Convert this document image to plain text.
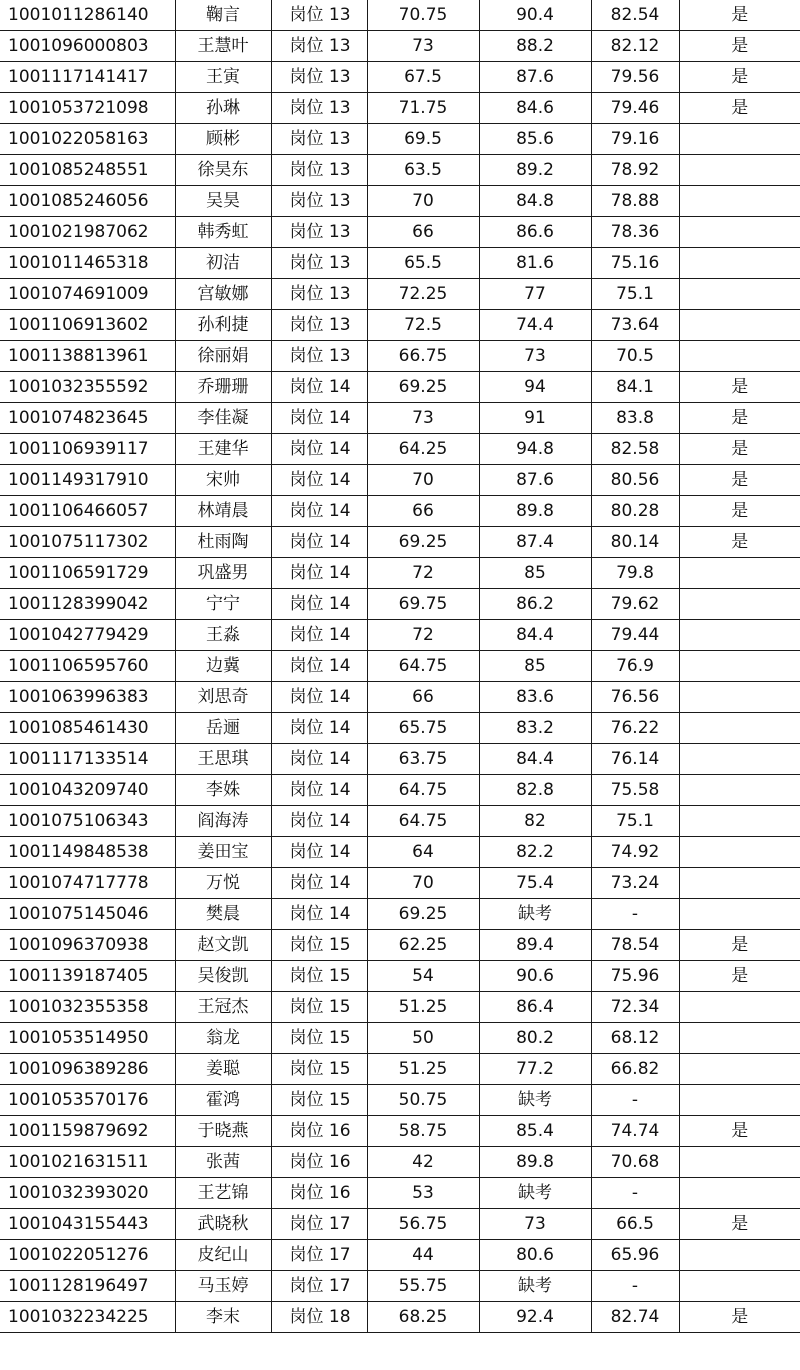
1001011286140	鞠言	岗位 13	70.75	90.4	82.54	是
1001096000803	王慧叶	岗位 13	73	88.2	82.12	是
1001117141417	王寅	岗位 13	67.5	87.6	79.56	是
1001053721098	孙琳	岗位 13	71.75	84.6	79.46	是
1001022058163	顾彬	岗位 13	69.5	85.6	79.16	
1001085248551	徐昊东	岗位 13	63.5	89.2	78.92	
1001085246056	吴昊	岗位 13	70	84.8	78.88	
1001021987062	韩秀虹	岗位 13	66	86.6	78.36	
1001011465318	初洁	岗位 13	65.5	81.6	75.16	
1001074691009	宫敏娜	岗位 13	72.25	77	75.1	
1001106913602	孙利捷	岗位 13	72.5	74.4	73.64	
1001138813961	徐丽娟	岗位 13	66.75	73	70.5	
1001032355592	乔珊珊	岗位 14	69.25	94	84.1	是
1001074823645	李佳凝	岗位 14	73	91	83.8	是
1001106939117	王建华	岗位 14	64.25	94.8	82.58	是
1001149317910	宋帅	岗位 14	70	87.6	80.56	是
1001106466057	林靖晨	岗位 14	66	89.8	80.28	是
1001075117302	杜雨陶	岗位 14	69.25	87.4	80.14	是
1001106591729	巩盛男	岗位 14	72	85	79.8	
1001128399042	宁宁	岗位 14	69.75	86.2	79.62	
1001042779429	王淼	岗位 14	72	84.4	79.44	
1001106595760	边冀	岗位 14	64.75	85	76.9	
1001063996383	刘思奇	岗位 14	66	83.6	76.56	
1001085461430	岳逦	岗位 14	65.75	83.2	76.22	
1001117133514	王思琪	岗位 14	63.75	84.4	76.14	
1001043209740	李姝	岗位 14	64.75	82.8	75.58	
1001075106343	阎海涛	岗位 14	64.75	82	75.1	
1001149848538	姜田宝	岗位 14	64	82.2	74.92	
1001074717778	万悦	岗位 14	70	75.4	73.24	
1001075145046	樊晨	岗位 14	69.25	缺考	-	
1001096370938	赵文凯	岗位 15	62.25	89.4	78.54	是
1001139187405	吴俊凯	岗位 15	54	90.6	75.96	是
1001032355358	王冠杰	岗位 15	51.25	86.4	72.34	
1001053514950	翁龙	岗位 15	50	80.2	68.12	
1001096389286	姜聪	岗位 15	51.25	77.2	66.82	
1001053570176	霍鸿	岗位 15	50.75	缺考	-	
1001159879692	于晓燕	岗位 16	58.75	85.4	74.74	是
1001021631511	张茜	岗位 16	42	89.8	70.68	
1001032393020	王艺锦	岗位 16	53	缺考	-	
1001043155443	武晓秋	岗位 17	56.75	73	66.5	是
1001022051276	皮纪山	岗位 17	44	80.6	65.96	
1001128196497	马玉婷	岗位 17	55.75	缺考	-	
1001032234225	李末	岗位 18	68.25	92.4	82.74	是
